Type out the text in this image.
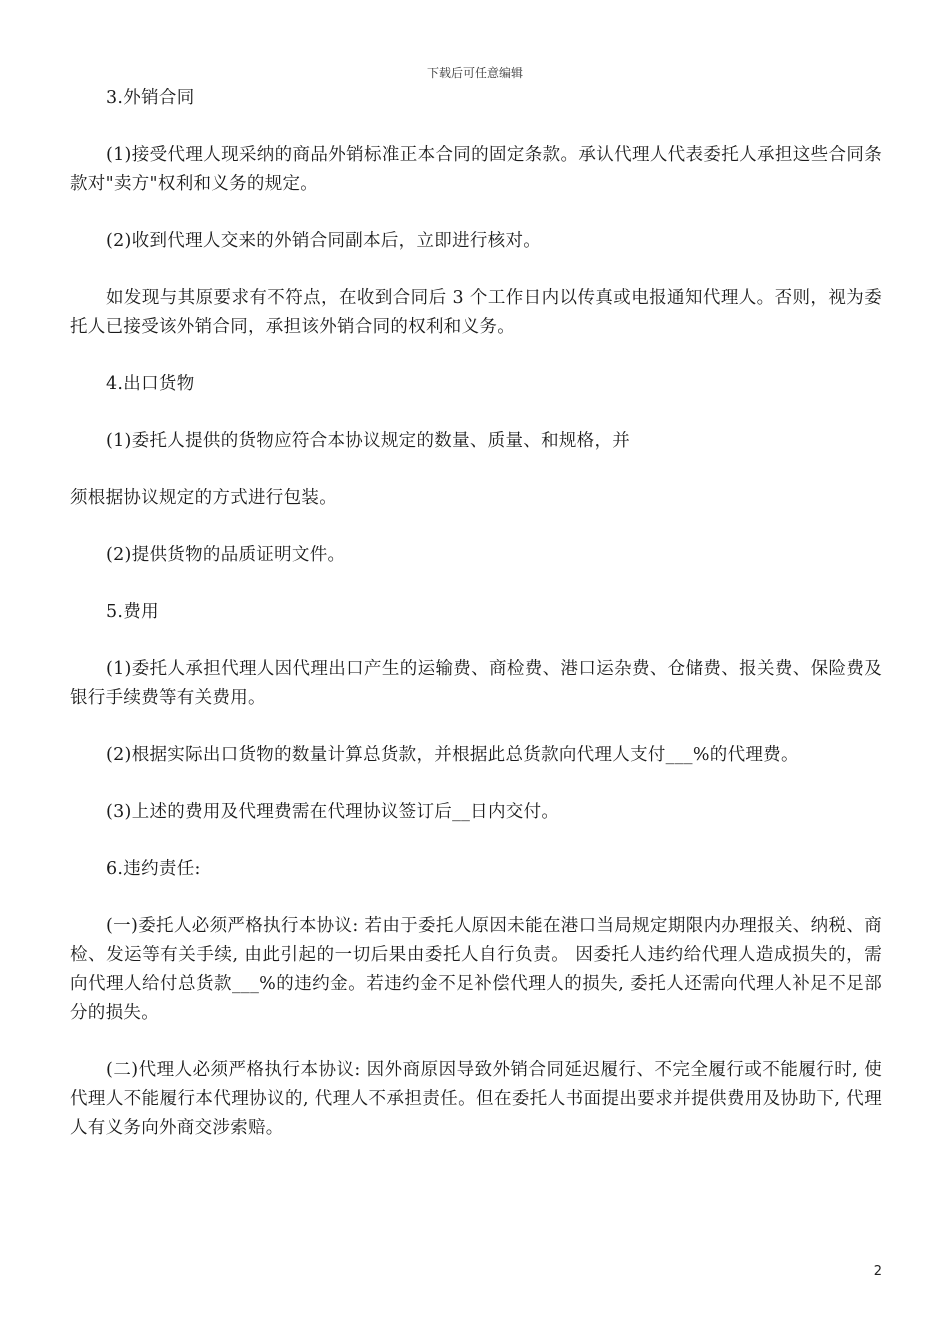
下载后可任意编辑

3.外销合同

(1)接受代理人现采纳的商品外销标准正本合同的固定条款。承认代理人代表委托人承担这些合同条款对"卖方"权利和义务的规定。

(2)收到代理人交来的外销合同副本后，立即进行核对。

如发现与其原要求有不符点，在收到合同后 3 个工作日内以传真或电报通知代理人。否则，视为委托人已接受该外销合同，承担该外销合同的权利和义务。

4.出口货物

(1)委托人提供的货物应符合本协议规定的数量、质量、和规格，并

须根据协议规定的方式进行包装。

(2)提供货物的品质证明文件。

5.费用

(1)委托人承担代理人因代理出口产生的运输费、商检费、港口运杂费、仓储费、报关费、保险费及银行手续费等有关费用。

(2)根据实际出口货物的数量计算总货款，并根据此总货款向代理人支付___%的代理费。

(3)上述的费用及代理费需在代理协议签订后__日内交付。

6.违约责任:

(一)委托人必须严格执行本协议: 若由于委托人原因未能在港口当局规定期限内办理报关、纳税、商检、发运等有关手续, 由此引起的一切后果由委托人自行负责。 因委托人违约给代理人造成损失的，需向代理人给付总货款___%的违约金。若违约金不足补偿代理人的损失, 委托人还需向代理人补足不足部分的损失。

(二)代理人必须严格执行本协议: 因外商原因导致外销合同延迟履行、不完全履行或不能履行时, 使代理人不能履行本代理协议的, 代理人不承担责任。但在委托人书面提出要求并提供费用及协助下, 代理人有义务向外商交涉索赔。

2
